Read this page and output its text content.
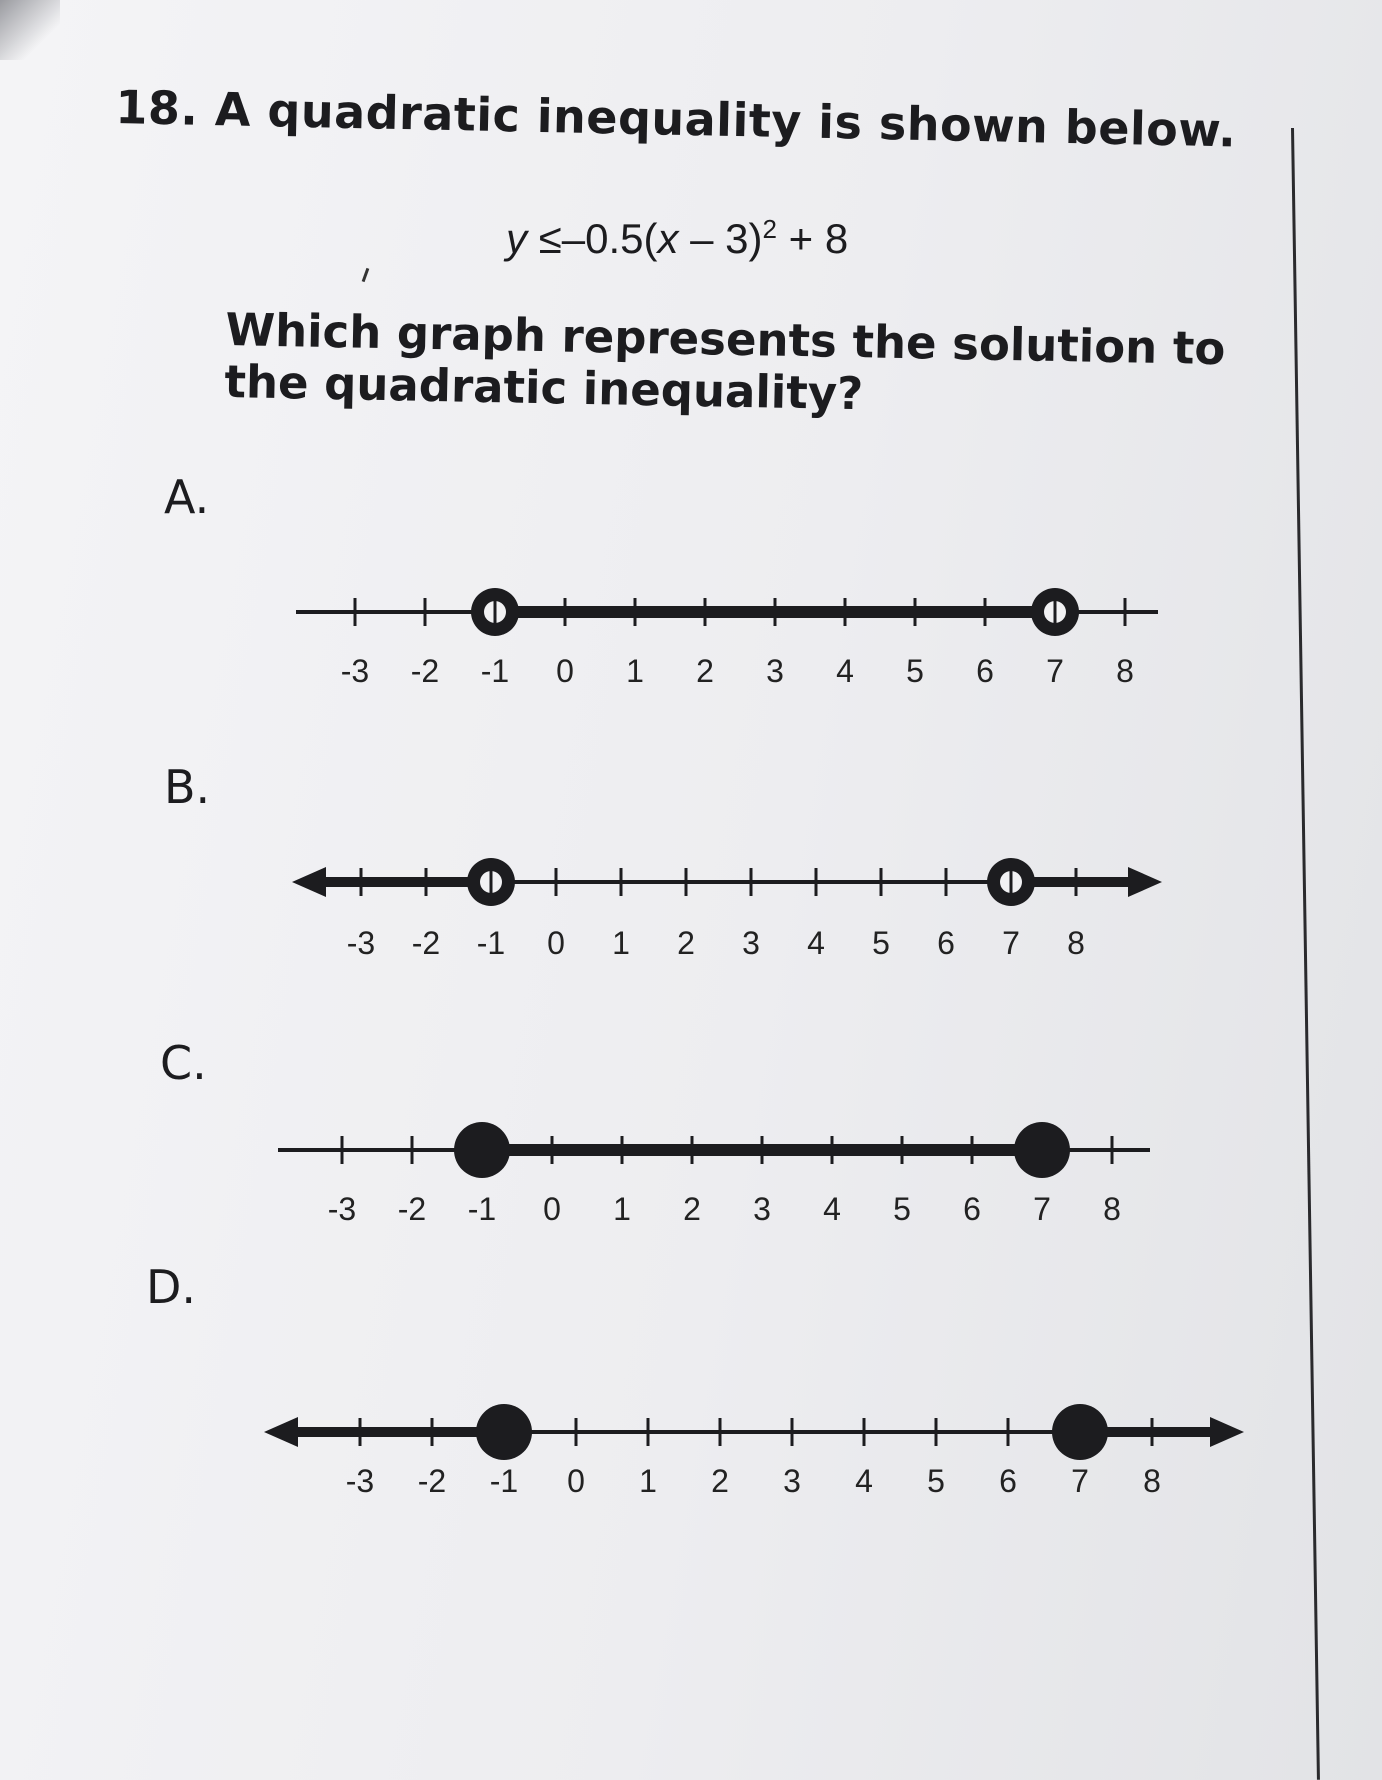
18. A quadratic inequality is shown below.
y ≤–0.5(x – 3)$^2$ + 8
Which graph represents the solution to the quadratic inequality?
A.
B.
C.
D.
-3 -2 -1 0 1 2 3 4 5 6 7 8
-3 -2 -1 0 1 2 3 4 5 6 7 8
-3 -2 -1 0 1 2 3 4 5 6 7 8
-3 -2 -1 0 1 2 3 4 5 6 7 8
